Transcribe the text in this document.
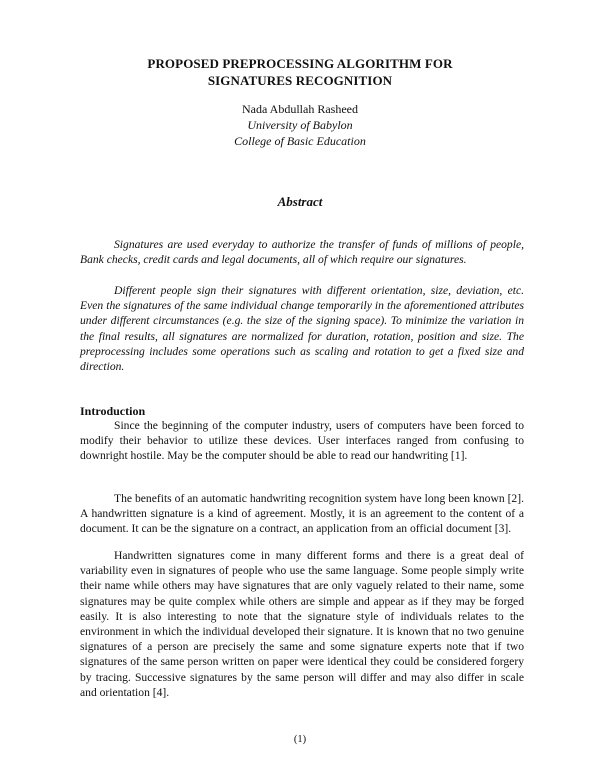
PROPOSED PREPROCESSING ALGORITHM FOR
SIGNATURES RECOGNITION
Nada Abdullah Rasheed
University of Babylon
College of Basic Education
Abstract

Signatures are used everyday to authorize the transfer of funds of millions of people, Bank checks, credit cards and legal documents, all of which require our signatures.

Different people sign their signatures with different orientation, size, deviation, etc. Even the signatures of the same individual change temporarily in the aforementioned attributes under different circumstances (e.g. the size of the signing space). To minimize the variation in the final results, all signatures are normalized for duration, rotation, position and size. The preprocessing includes some operations such as scaling and rotation to get a fixed size and direction.

Introduction

Since the beginning of the computer industry, users of computers have been forced to modify their behavior to utilize these devices. User interfaces ranged from confusing to downright hostile. May be the computer should be able to read our handwriting [1].

The benefits of an automatic handwriting recognition system have long been known [2]. A handwritten signature is a kind of agreement. Mostly, it is an agreement to the content of a document. It can be the signature on a contract, an application from an official document [3].

Handwritten signatures come in many different forms and there is a great deal of variability even in signatures of people who use the same language. Some people simply write their name while others may have signatures that are only vaguely related to their name, some signatures may be quite complex while others are simple and appear as if they may be forged easily. It is also interesting to note that the signature style of individuals relates to the environment in which the individual developed their signature. It is known that no two genuine signatures of a person are precisely the same and some signature experts note that if two signatures of the same person written on paper were identical they could be considered forgery by tracing. Successive signatures by the same person will differ and may also differ in scale and orientation [4].

(1)
